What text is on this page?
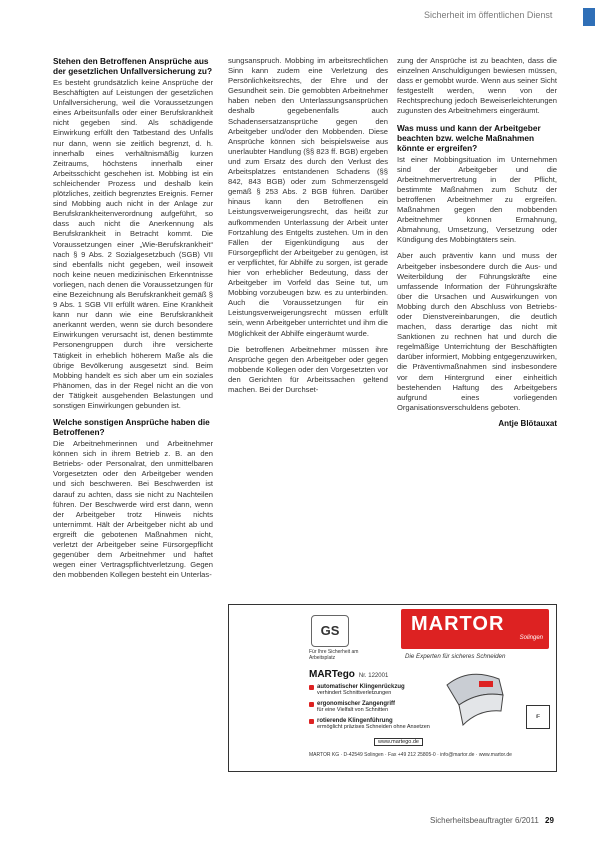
Sicherheit im öffentlichen Dienst
Stehen den Betroffenen Ansprüche aus der gesetzlichen Unfallversicherung zu?

Es besteht grundsätzlich keine Ansprüche der Beschäftigten auf Leistungen der gesetzlichen Unfallversicherung, weil die Voraussetzungen eines Arbeitsunfalls oder einer Berufskrankheit nicht gegeben sind. Als schädigende Einwirkung erfüllt den Tatbestand des Unfalls nur dann, wenn sie zeitlich begrenzt, d. h. innerhalb eines verhältnismäßig kurzen Zeitraums, höchstens innerhalb einer Arbeitsschicht geschehen ist. Mobbing ist ein schleichender Prozess und deshalb kein plötzliches, zeitlich begrenztes Ereignis. Ferner sind Mobbing auch nicht in der Anlage zur Berufskrankheitenverordnung aufgeführt, so dass auch nicht die Anerkennung als Berufskrankheit in Betracht kommt. Die Voraussetzungen einer „Wie-Berufskrankheit“ nach § 9 Abs. 2 Sozialgesetzbuch (SGB) VII sind ebenfalls nicht gegeben, weil insoweit noch keine neuen medizinischen Erkenntnisse vorliegen, nach denen die Voraussetzungen für eine Bezeichnung als Berufskrankheit gemäß § 9 Abs. 1 SGB VII erfüllt wären. Eine Krankheit kann nur dann wie eine Berufskrankheit anerkannt werden, wenn sie durch besondere Einwirkungen verursacht ist, denen bestimmte Personengruppen durch ihre versicherte Tätigkeit in erheblich höherem Maße als die übrige Bevölkerung ausgesetzt sind. Beim Mobbing handelt es sich aber um ein soziales Phänomen, das in der Regel nicht an die von der Tätigkeit ausgehenden Belastungen und sonstigen Einwirkungen gebunden ist.

Welche sonstigen Ansprüche haben die Betroffenen?

Die Arbeitnehmerinnen und Arbeitnehmer können sich in ihrem Betrieb z. B. an den Betriebs- oder Personalrat, den unmittelbaren Vorgesetzten oder den Arbeitgeber wenden und sich beschweren. Bei Beschwerden ist darauf zu achten, dass sie nicht zu Nachteilen führen. Der Beschwerde wird erst dann, wenn der Arbeitgeber trotz Hinweis nichts unternimmt. Hält der Arbeitgeber nicht ab und ergreift die gebotenen Maßnahmen nicht, verletzt der Arbeitgeber seine Fürsorgepflicht gegenüber dem Arbeitnehmer und haftet wegen einer Vertragspflichtverletzung. Gegen den mobbenden Kollegen besteht ein Unterlas-

sungsanspruch. Mobbing im arbeitsrechtlichen Sinn kann zudem eine Verletzung des Persönlichkeitsrechts, der Ehre und der Gesundheit sein. Die gemobbten Arbeitnehmer haben neben den Unterlassungsansprüchen deshalb gegebenenfalls auch Schadensersatzansprüche gegen den Arbeitgeber und/oder den Mobbenden. Diese Ansprüche können sich beispielsweise aus unerlaubter Handlung (§§ 823 ff. BGB) ergeben und zum Ersatz des durch den Verlust des Arbeitsplatzes entstandenen Schadens (§§ 842, 843 BGB) oder zum Schmerzensgeld gemäß § 253 Abs. 2 BGB führen. Darüber hinaus kann den Betroffenen ein Leistungsverweigerungsrecht, das heißt zur aufkommenden Unterlassung der Arbeit unter Fortzahlung des Entgelts zustehen. Um in den Fällen der Eigenkündigung aus der Fürsorgepflicht der Arbeitgeber zu genügen, ist er verpflichtet, für Abhilfe zu sorgen, ist gerade hier von erheblicher Bedeutung, dass der Arbeitgeber im Vorfeld das Seine tut, um Mobbing vorzubeugen bzw. es zu unterbinden. Auch die Voraussetzungen für ein Leistungsverweigerungsrecht müssen erfüllt sein, wenn Arbeitgeber unterrichtet und ihm die Möglichkeit der Abhilfe eingeräumt wurde.

Die betroffenen Arbeitnehmer müssen ihre Ansprüche gegen den Arbeitgeber oder gegen mobbende Kollegen oder den Vorgesetzten vor den Gerichten für Arbeitssachen geltend machen. Bei der Durchset-

zung der Ansprüche ist zu beachten, dass die einzelnen Anschuldigungen bewiesen müssen, dass er gemobbt wurde. Wenn aus seiner Sicht festgestellt werden, wenn von der Rechtsprechung jedoch Beweiserleichterungen zugunsten des Arbeitnehmers eingeräumt.

Was muss und kann der Arbeitgeber beachten bzw. welche Maßnahmen könnte er ergreifen?

Ist einer Mobbingsituation im Unternehmen sind der Arbeitgeber und die Arbeitnehmervertretung in der Pflicht, bestimmte Maßnahmen zum Schutz der betroffenen Arbeitnehmer zu ergreifen. Maßnahmen gegen den mobbenden Arbeitnehmer können Ermahnung, Abmahnung, Umsetzung, Versetzung oder Kündigung des Mobbingtäters sein.

Aber auch präventiv kann und muss der Arbeitgeber insbesondere durch die Aus- und Weiterbildung der Führungskräfte eine umfassende Information der Führungskräfte über die Ursachen und Auswirkungen von Mobbing durch den Abschluss von Betriebs- oder Dienstvereinbarungen, die deutlich machen, dass derartige das nicht mit Sanktionen zu rechnen hat und durch die regelmäßige Unterrichtung der Beschäftigten darüber informiert, Mobbing entgegenzuwirken, die Präventivmaßnahmen sind insbesondere vor dem Hintergrund einer einheitlich bestehenden Haftung des Arbeitgebers aufgrund eines vorliegenden Organisationsverschuldens geboten.

Antje Blötauxat
GS
Für Ihre Sicherheit am Arbeitsplatz
MARTOR
Solingen
Die Experten für sicheres Schneiden
MARTego Nr. 122001
automatischer Klingenrückzug
verhindert Schnittverletzungen
ergonomischer Zangengriff
für eine Vielfalt von Schnitten
rotierende Klingenführung
ermöglicht präzises Schneiden ohne Ansetzen
www.martego.de
iF
MARTOR KG · D-42549 Solingen · Fax +49 212 25805-0 · info@martor.de · www.martor.de
Sicherheitsbeauftragter 6/2011 29
